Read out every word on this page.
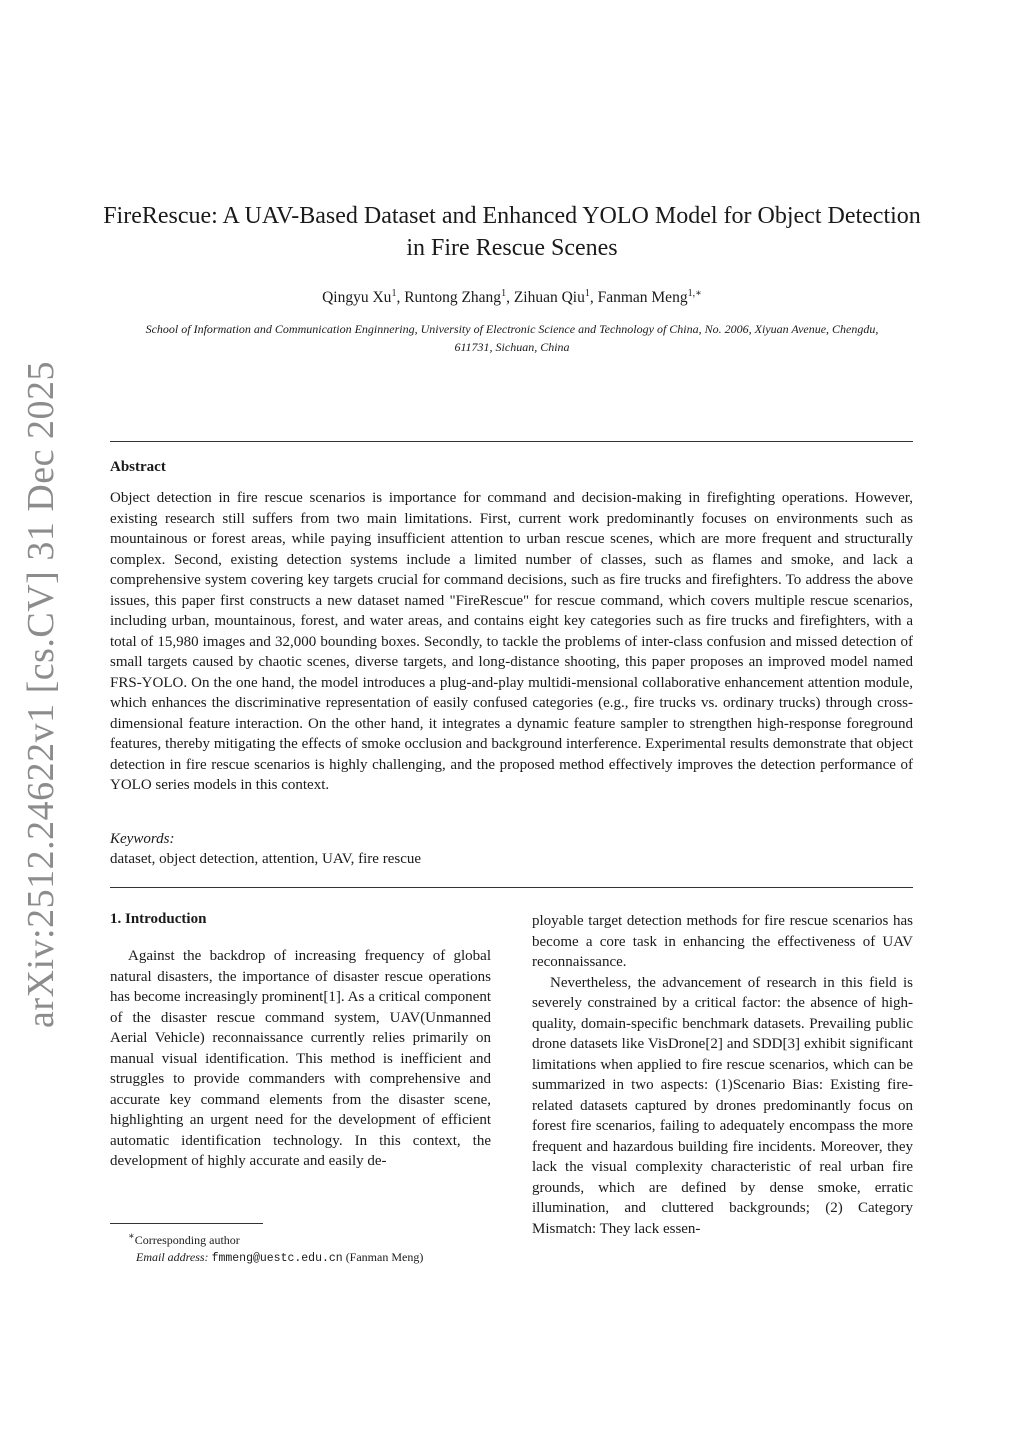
arXiv:2512.24622v1 [cs.CV] 31 Dec 2025
FireRescue: A UAV-Based Dataset and Enhanced YOLO Model for Object Detection in Fire Rescue Scenes
Qingyu Xu$^1$, Runtong Zhang$^1$, Zihuan Qiu$^1$, Fanman Meng$^{1,∗}$
School of Information and Communication Enginnering, University of Electronic Science and Technology of China, No. 2006, Xiyuan Avenue, Chengdu, 611731, Sichuan, China
Abstract
Object detection in fire rescue scenarios is importance for command and decision-making in firefighting operations. However, existing research still suffers from two main limitations. First, current work predominantly focuses on environments such as mountainous or forest areas, while paying insufficient attention to urban rescue scenes, which are more frequent and structurally complex. Second, existing detection systems include a limited number of classes, such as flames and smoke, and lack a comprehensive system covering key targets crucial for command decisions, such as fire trucks and firefighters. To address the above issues, this paper first constructs a new dataset named "FireRescue" for rescue command, which covers multiple rescue scenarios, including urban, mountainous, forest, and water areas, and contains eight key categories such as fire trucks and firefighters, with a total of 15,980 images and 32,000 bounding boxes. Secondly, to tackle the problems of inter-class confusion and missed detection of small targets caused by chaotic scenes, diverse targets, and long-distance shooting, this paper proposes an improved model named FRS-YOLO. On the one hand, the model introduces a plug-and-play multidi-mensional collaborative enhancement attention module, which enhances the discriminative representation of easily confused categories (e.g., fire trucks vs. ordinary trucks) through cross-dimensional feature interaction. On the other hand, it integrates a dynamic feature sampler to strengthen high-response foreground features, thereby mitigating the effects of smoke occlusion and background interference. Experimental results demonstrate that object detection in fire rescue scenarios is highly challenging, and the proposed method effectively improves the detection performance of YOLO series models in this context.
Keywords:
dataset, object detection, attention, UAV, fire rescue
1. Introduction

Against the backdrop of increasing frequency of global natural disasters, the importance of disaster rescue operations has become increasingly prominent[1]. As a critical component of the disaster rescue command system, UAV(Unmanned Aerial Vehicle) reconnaissance currently relies primarily on manual visual identification. This method is inefficient and struggles to provide commanders with comprehensive and accurate key command elements from the disaster scene, highlighting an urgent need for the development of efficient automatic identification technology. In this context, the development of highly accurate and easily de-

ployable target detection methods for fire rescue scenarios has become a core task in enhancing the effectiveness of UAV reconnaissance.

Nevertheless, the advancement of research in this field is severely constrained by a critical factor: the absence of high-quality, domain-specific benchmark datasets. Prevailing public drone datasets like VisDrone[2] and SDD[3] exhibit significant limitations when applied to fire rescue scenarios, which can be summarized in two aspects: (1)Scenario Bias: Existing fire-related datasets captured by drones predominantly focus on forest fire scenarios, failing to adequately encompass the more frequent and hazardous building fire incidents. Moreover, they lack the visual complexity characteristic of real urban fire grounds, which are defined by dense smoke, erratic illumination, and cluttered backgrounds; (2) Category Mismatch: They lack essen-

∗Corresponding author
Email address: fmmeng@uestc.edu.cn (Fanman Meng)
